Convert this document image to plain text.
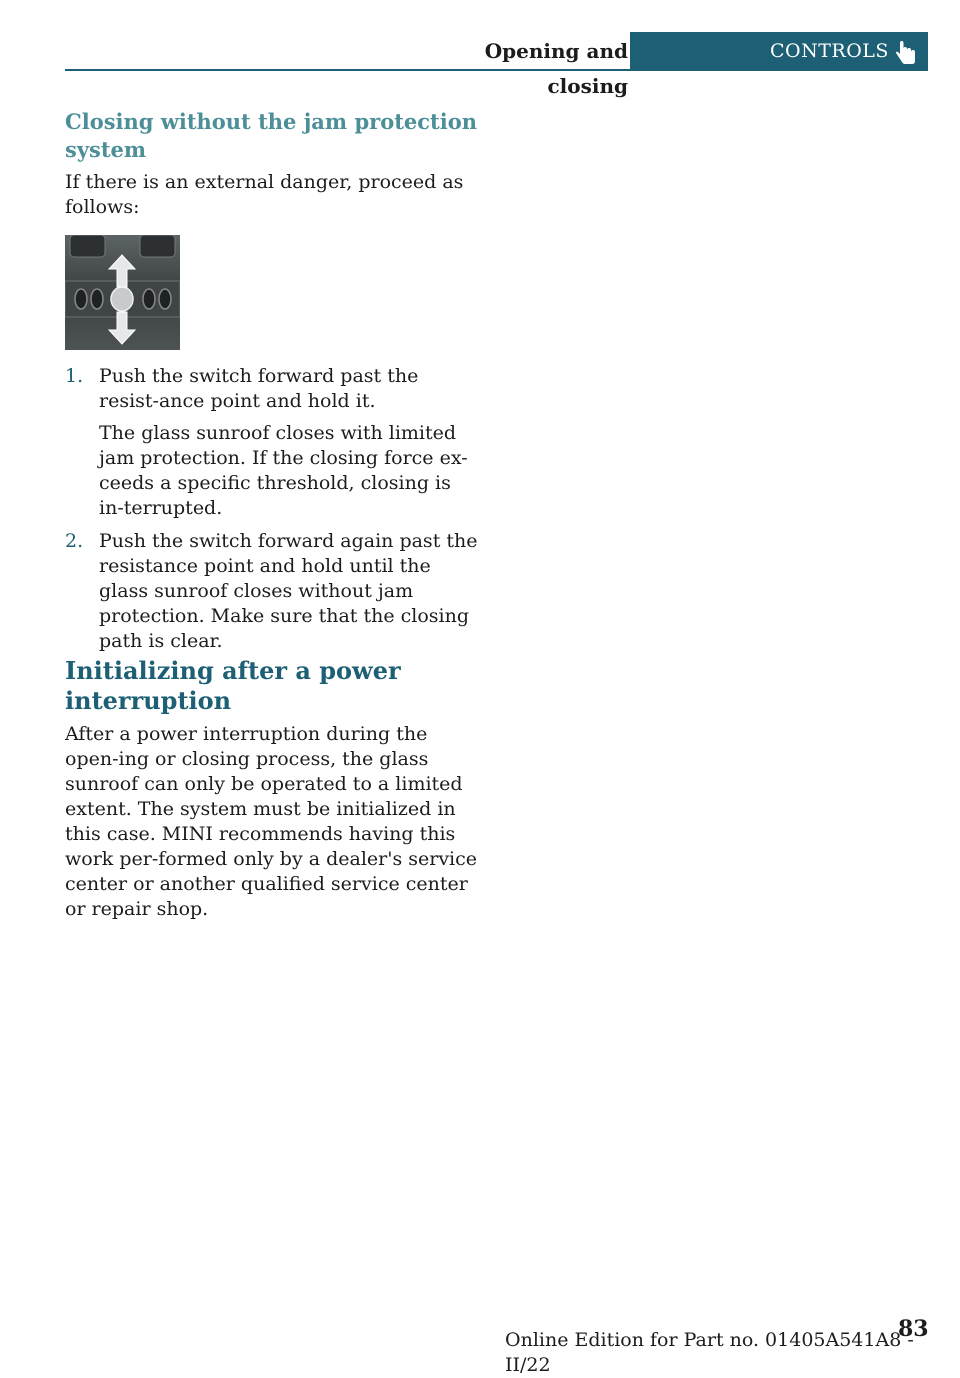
Opening and closing
CONTROLS
Closing without the jam protection system

If there is an external danger, proceed as follows:

1. Push the switch forward past the resist-ance point and hold it.

The glass sunroof closes with limited jam protection. If the closing force ex-ceeds a specific threshold, closing is in-terrupted.

2. Push the switch forward again past the resistance point and hold until the glass sunroof closes without jam protection. Make sure that the closing path is clear.

Initializing after a power interruption

After a power interruption during the open-ing or closing process, the glass sunroof can only be operated to a limited extent. The system must be initialized in this case. MINI recommends having this work per-formed only by a dealer's service center or another qualified service center or repair shop.

Online Edition for Part no. 01405A541A8 - II/22
83
